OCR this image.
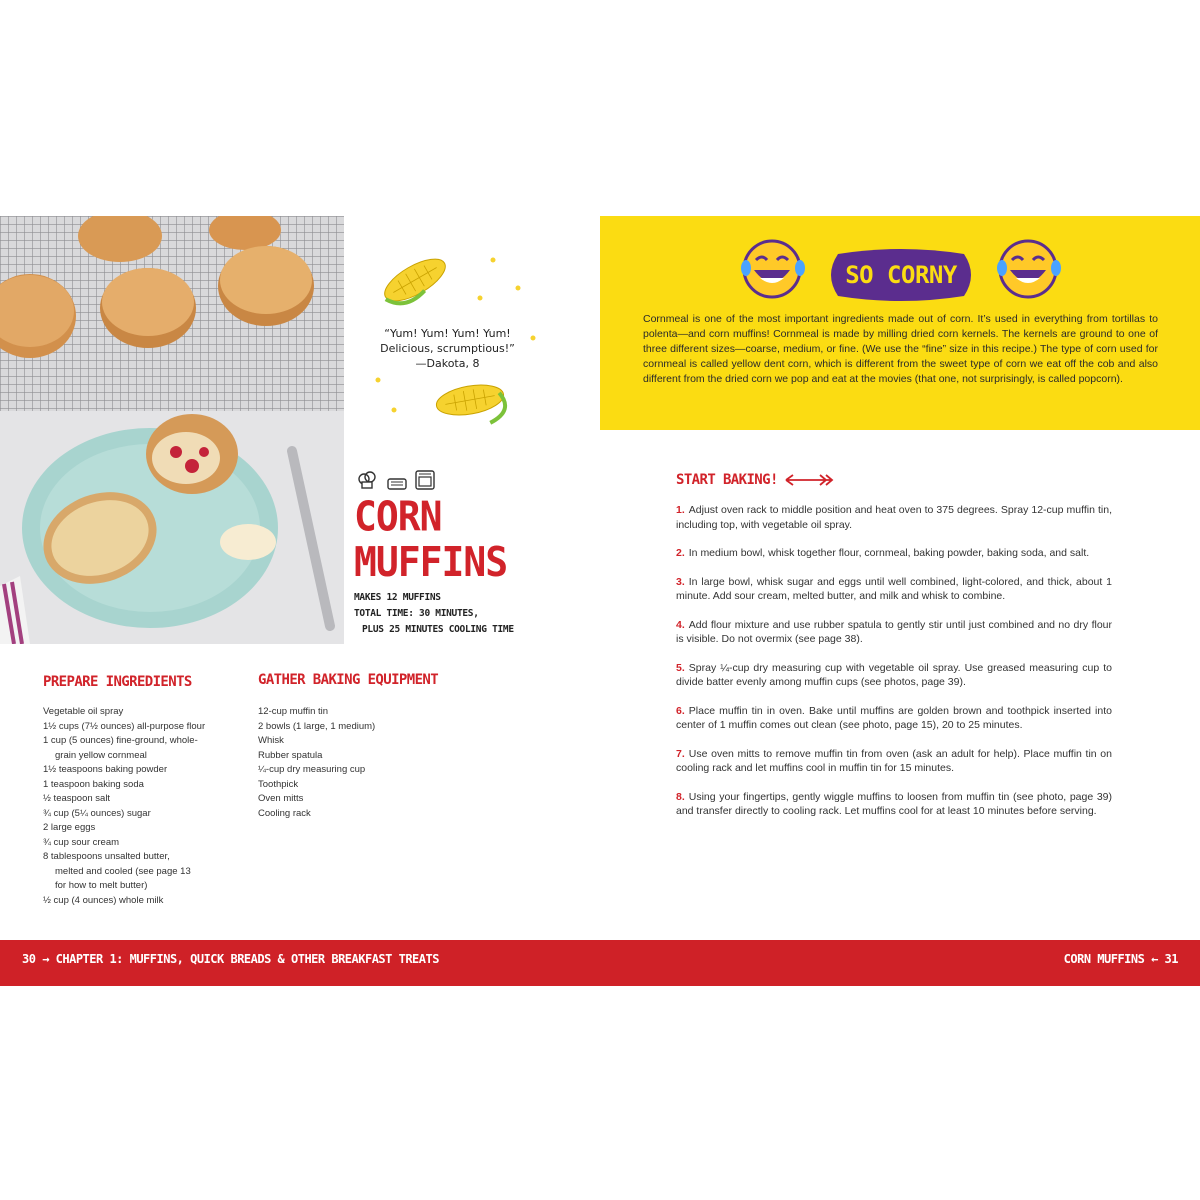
“Yum! Yum! Yum! Yum!
Delicious, scrumptious!”
—Dakota, 8
CORN
MUFFINS
MAKES 12 MUFFINS
TOTAL TIME: 30 MINUTES,
PLUS 25 MINUTES COOLING TIME
PREPARE INGREDIENTS
Vegetable oil spray
1½ cups (7½ ounces) all-purpose flour
1 cup (5 ounces) fine-ground, whole-
grain yellow cornmeal
1½ teaspoons baking powder
1 teaspoon baking soda
½ teaspoon salt
¾ cup (5¼ ounces) sugar
2 large eggs
¾ cup sour cream
8 tablespoons unsalted butter,
melted and cooled (see page 13
for how to melt butter)
½ cup (4 ounces) whole milk
GATHER BAKING EQUIPMENT
12-cup muffin tin
2 bowls (1 large, 1 medium)
Whisk
Rubber spatula
¼-cup dry measuring cup
Toothpick
Oven mitts
Cooling rack
SO CORNY
Cornmeal is one of the most important ingredients made out of corn. It’s used in everything from tortillas to polenta—and corn muffins! Cornmeal is made by milling dried corn kernels. The kernels are ground to one of three different sizes—coarse, medium, or fine. (We use the “fine” size in this recipe.) The type of corn used for cornmeal is called yellow dent corn, which is different from the sweet type of corn we eat off the cob and also different from the dried corn we pop and eat at the movies (that one, not surprisingly, is called popcorn).
START BAKING!
1. Adjust oven rack to middle position and heat oven to 375 degrees. Spray 12-cup muffin tin, including top, with vegetable oil spray.
2. In medium bowl, whisk together flour, cornmeal, baking powder, baking soda, and salt.
3. In large bowl, whisk sugar and eggs until well combined, light-colored, and thick, about 1 minute. Add sour cream, melted butter, and milk and whisk to combine.
4. Add flour mixture and use rubber spatula to gently stir until just combined and no dry flour is visible. Do not overmix (see page 38).
5. Spray ¼-cup dry measuring cup with vegetable oil spray. Use greased measuring cup to divide batter evenly among muffin cups (see photos, page 39).
6. Place muffin tin in oven. Bake until muffins are golden brown and toothpick inserted into center of 1 muffin comes out clean (see photo, page 15), 20 to 25 minutes.
7. Use oven mitts to remove muffin tin from oven (ask an adult for help). Place muffin tin on cooling rack and let muffins cool in muffin tin for 15 minutes.
8. Using your fingertips, gently wiggle muffins to loosen from muffin tin (see photo, page 39) and transfer directly to cooling rack. Let muffins cool for at least 10 minutes before serving.
30 → CHAPTER 1: MUFFINS, QUICK BREADS & OTHER BREAKFAST TREATS	CORN MUFFINS ← 31
